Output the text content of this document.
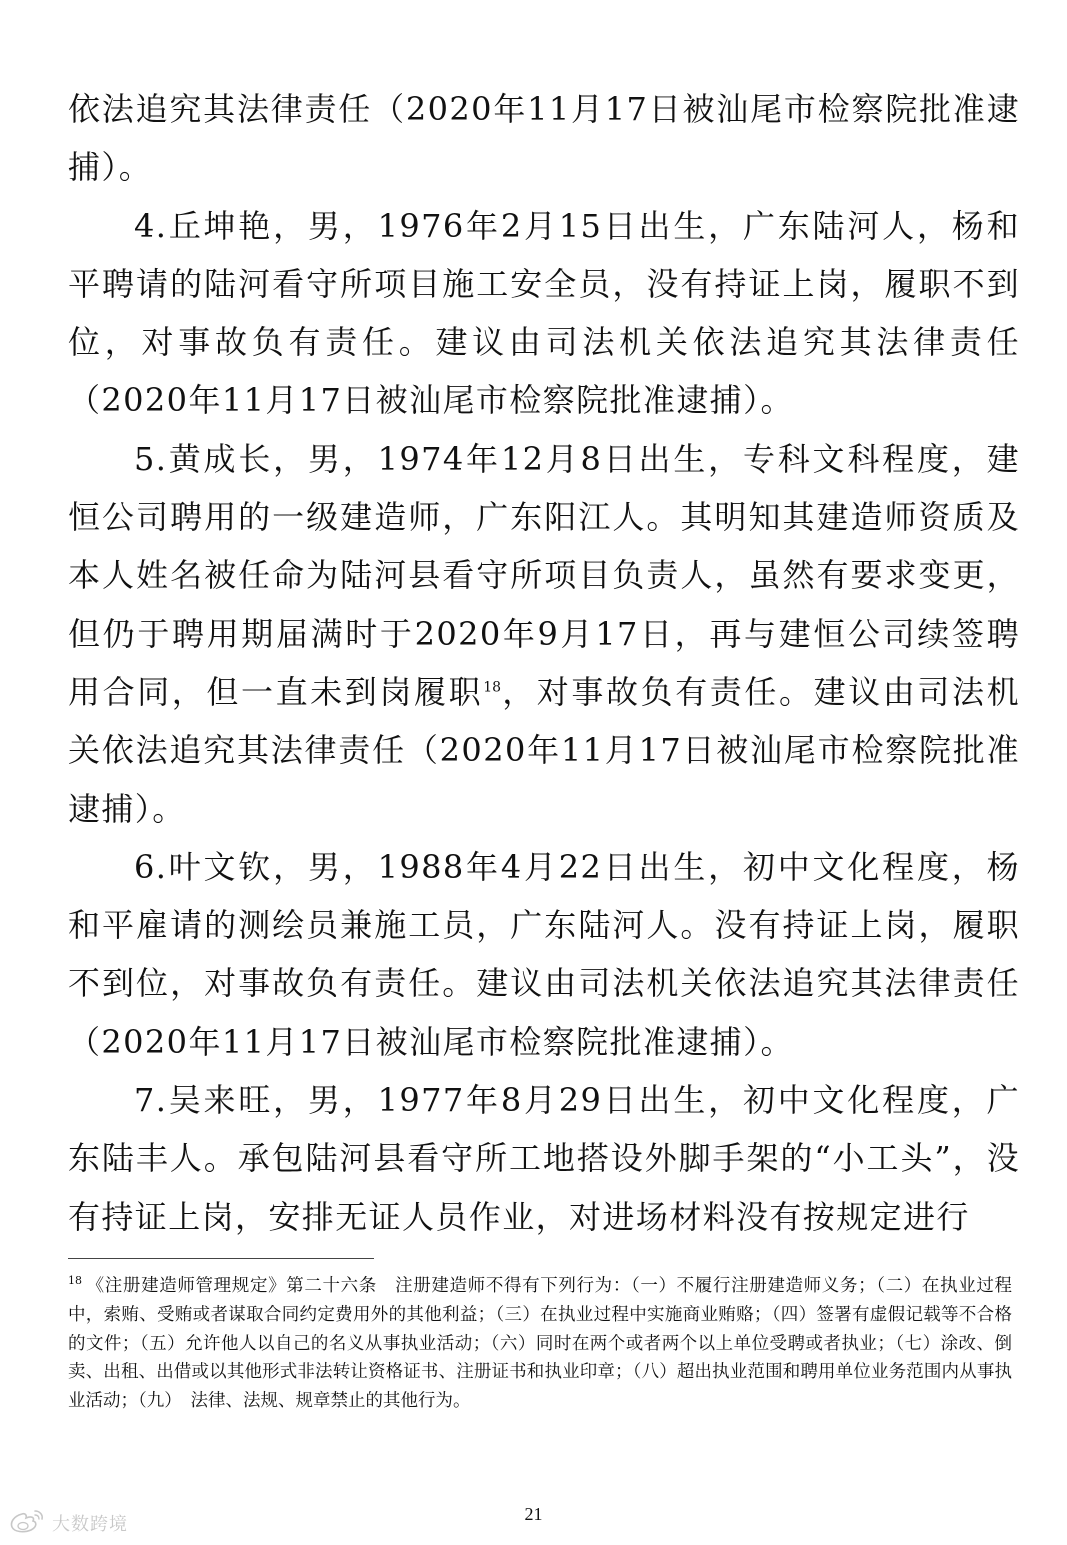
依法追究其法律责任（2020年11月17日被汕尾市检察院批准逮捕）。

4.丘坤艳，男，1976年2月15日出生，广东陆河人，杨和平聘请的陆河看守所项目施工安全员，没有持证上岗，履职不到位，对事故负有责任。建议由司法机关依法追究其法律责任（2020年11月17日被汕尾市检察院批准逮捕）。

5.黄成长，男，1974年12月8日出生，专科文科程度，建恒公司聘用的一级建造师，广东阳江人。其明知其建造师资质及本人姓名被任命为陆河县看守所项目负责人，虽然有要求变更，但仍于聘用期届满时于2020年9月17日，再与建恒公司续签聘用合同，但一直未到岗履职$^{18}$，对事故负有责任。建议由司法机关依法追究其法律责任（2020年11月17日被汕尾市检察院批准逮捕）。

6.叶文钦，男，1988年4月22日出生，初中文化程度，杨和平雇请的测绘员兼施工员，广东陆河人。没有持证上岗，履职不到位，对事故负有责任。建议由司法机关依法追究其法律责任（2020年11月17日被汕尾市检察院批准逮捕）。

7.吴来旺，男，1977年8月29日出生，初中文化程度，广东陆丰人。承包陆河县看守所工地搭设外脚手架的“小工头”，没有持证上岗，安排无证人员作业，对进场材料没有按规定进行

$^{18}$ 《注册建造师管理规定》第二十六条　注册建造师不得有下列行为：（一）不履行注册建造师义务；（二）在执业过程中，索贿、受贿或者谋取合同约定费用外的其他利益；（三）在执业过程中实施商业贿赂；（四）签署有虚假记载等不合格的文件；（五）允许他人以自己的名义从事执业活动；（六）同时在两个或者两个以上单位受聘或者执业；（七）涂改、倒卖、出租、出借或以其他形式非法转让资格证书、注册证书和执业印章；（八）超出执业范围和聘用单位业务范围内从事执业活动；（九）　法律、法规、规章禁止的其他行为。

21
大数跨境
